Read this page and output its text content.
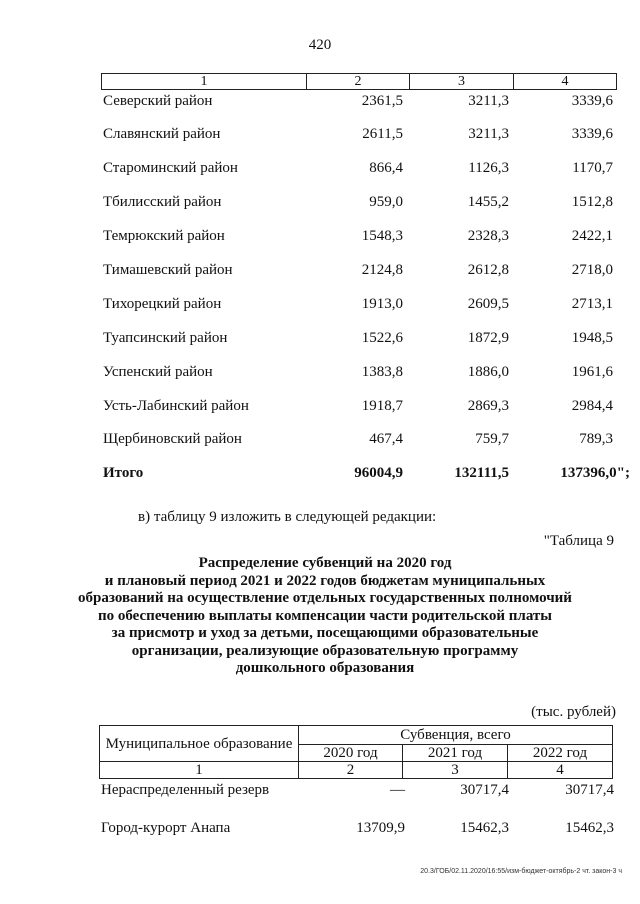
420
1	2	3	4
Северский район	2361,5	3211,3	3339,6
Славянский район	2611,5	3211,3	3339,6
Староминский район	866,4	1126,3	1170,7
Тбилисский район	959,0	1455,2	1512,8
Темрюкский район	1548,3	2328,3	2422,1
Тимашевский район	2124,8	2612,8	2718,0
Тихорецкий район	1913,0	2609,5	2713,1
Туапсинский район	1522,6	1872,9	1948,5
Успенский район	1383,8	1886,0	1961,6
Усть-Лабинский район	1918,7	2869,3	2984,4
Щербиновский район	467,4	759,7	789,3
Итого	96004,9	132111,5	137396,0";
в) таблицу 9 изложить в следующей редакции:
"Таблица 9
Распределение субвенций на 2020 год
и плановый период 2021 и 2022 годов бюджетам муниципальных
образований на осуществление отдельных государственных полномочий
по обеспечению выплаты компенсации части родительской платы
за присмотр и уход за детьми, посещающими образовательные
организации, реализующие образовательную программу
дошкольного образования
(тыс. рублей)
Муниципальное образование	Субвенция, всего		
	2020 год	2021 год	2022 год
1	2	3	4
Нераспределенный резерв	—	30717,4	30717,4
Город-курорт Анапа	13709,9	15462,3	15462,3
20.3/ГОБ/02.11.2020/16:55/изм-бюджет-октябрь-2 чт. закон-3 ч
